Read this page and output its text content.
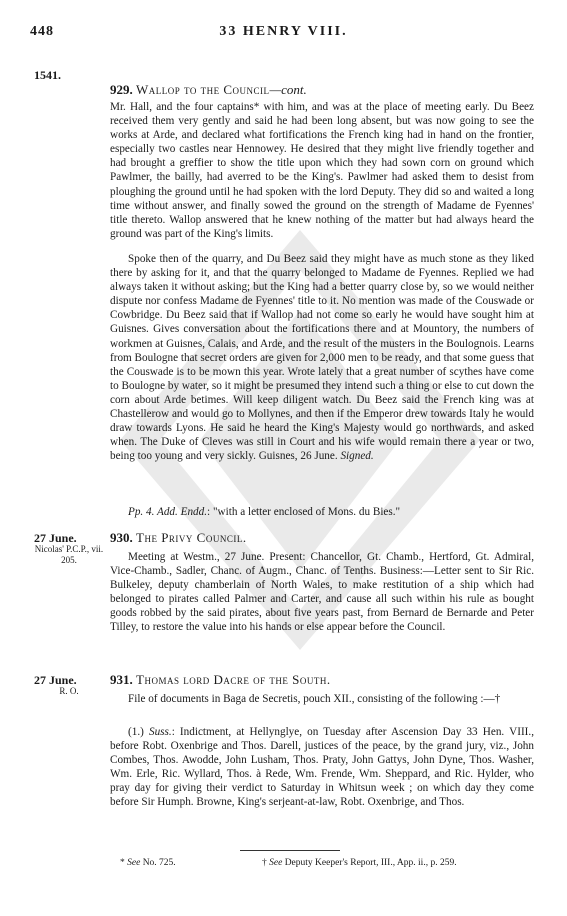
448	33 HENRY VIII.
1541.
929. Wallop to the Council—cont.

Mr. Hall, and the four captains* with him, and was at the place of meeting early. Du Beez received them very gently and said he had been long absent, but was now going to see the works at Arde, and declared what fortifications the French king had in hand on the frontier, especially two castles near Hennowey. He desired that they might live friendly together and had brought a greffier to show the title upon which they had sown corn on ground which Pawlmer, the bailly, had averred to be the King's. Pawlmer had asked them to desist from ploughing the ground until he had spoken with the lord Deputy. They did so and waited a long time without answer, and finally sowed the ground on the strength of Madame de Fyennes' title thereto. Wallop answered that he knew nothing of the matter but had always heard the ground was part of the King's limits.

Spoke then of the quarry, and Du Beez said they might have as much stone as they liked there by asking for it, and that the quarry belonged to Madame de Fyennes. Replied we had always taken it without asking; but the King had a better quarry close by, so we would neither dispute nor confess Madame de Fyennes' title to it. No mention was made of the Couswade or Cowbridge. Du Beez said that if Wallop had not come so early he would have sought him at Guisnes. Gives conversation about the fortifications there and at Mountory, the numbers of workmen at Guisnes, Calais, and Arde, and the result of the musters in the Boulognois. Learns from Boulogne that secret orders are given for 2,000 men to be ready, and that some guess that the Couswade is to be mown this year. Wrote lately that a great number of scythes have come to Boulogne by water, so it might be presumed they intend such a thing or else to cut down the corn about Arde betimes. Will keep diligent watch. Du Beez said the French king was at Chastellerow and would go to Mollynes, and then if the Emperor drew towards Italy he would draw towards Lyons. He said he heard the King's Majesty would go northwards, and asked when. The Duke of Cleves was still in Court and his wife would remain there a year or two, being too young and very sickly. Guisnes, 26 June. Signed.

Pp. 4. Add. Endd.: "with a letter enclosed of Mons. du Bies."

27 June.
Nicolas' P.C.P., vii. 205.
930. The Privy Council.

Meeting at Westm., 27 June. Present: Chancellor, Gt. Chamb., Hertford, Gt. Admiral, Vice-Chamb., Sadler, Chanc. of Augm., Chanc. of Tenths. Business:—Letter sent to Sir Ric. Bulkeley, deputy chamberlain of North Wales, to make restitution of a ship which had belonged to pirates called Palmer and Carter, and cause all such within his rule as bought goods robbed by the said pirates, about five years past, from Bernard de Bernarde and Peter Tilley, to restore the value into his hands or else appear before the Council.

27 June.
R. O.
931. Thomas lord Dacre of the South.

File of documents in Baga de Secretis, pouch XII., consisting of the following :—†

(1.) Suss.: Indictment, at Hellynglye, on Tuesday after Ascension Day 33 Hen. VIII., before Robt. Oxenbrige and Thos. Darell, justices of the peace, by the grand jury, viz., John Combes, Thos. Awodde, John Lusham, Thos. Praty, John Gattys, John Dyne, Thos. Washer, Wm. Erle, Ric. Wyllard, Thos. à Rede, Wm. Frende, Wm. Sheppard, and Ric. Hylder, who pray day for giving their verdict to Saturday in Whitsun week ; on which day they come before Sir Humph. Browne, King's serjeant-at-law, Robt. Oxenbrige, and Thos.

* See No. 725.	† See Deputy Keeper's Report, III., App. ii., p. 259.
